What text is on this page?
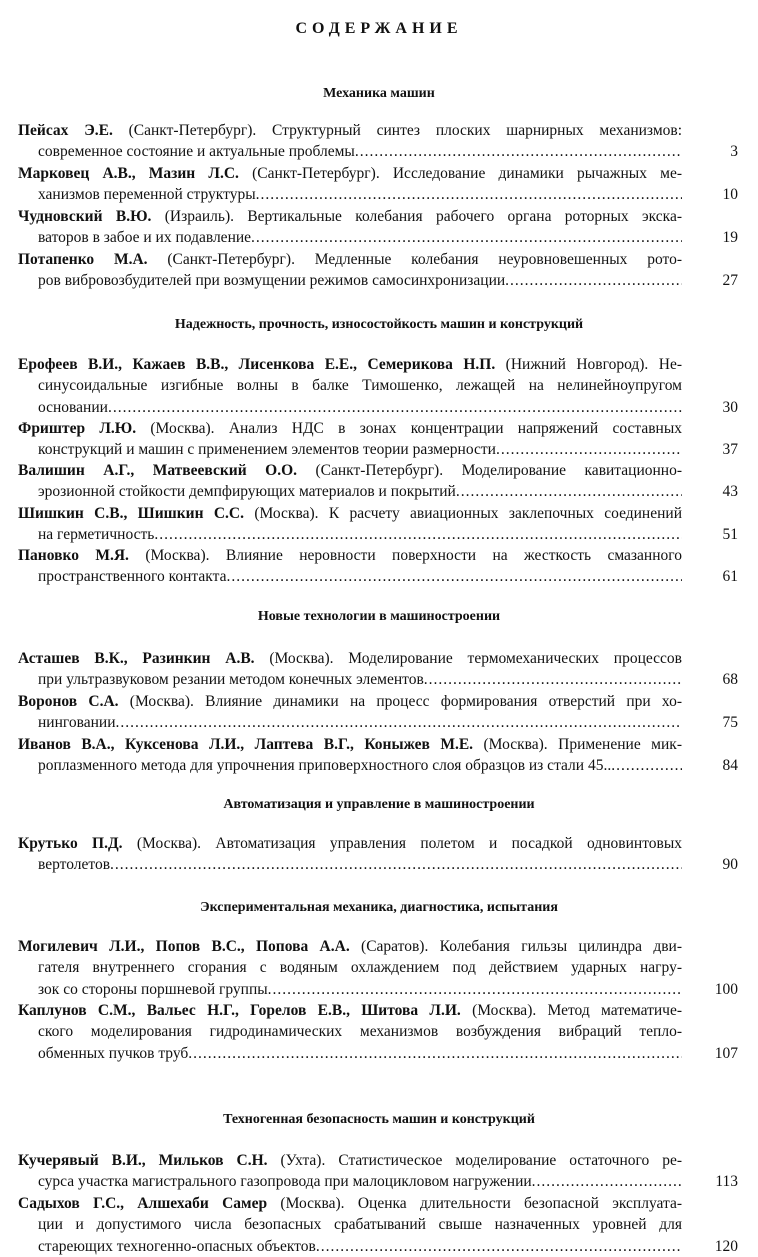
СОДЕРЖАНИЕ
Механика машин
Пейсах Э.Е. (Санкт-Петербург). Структурный синтез плоских шарнирных механизмов:
современное состояние и актуальные проблемы .....	3
Марковец А.В., Мазин Л.С. (Санкт-Петербург). Исследование динамики рычажных ме-
ханизмов переменной структуры .....	10
Чудновский В.Ю. (Израиль). Вертикальные колебания рабочего органа роторных экска-
ваторов в забое и их подавление .....	19
Потапенко М.А. (Санкт-Петербург). Медленные колебания неуровновешенных рото-
ров вибровозбудителей при возмущении режимов самосинхронизации .....	27
Надежность, прочность, износостойкость машин и конструкций
Ерофеев В.И., Кажаев В.В., Лисенкова Е.Е., Семерикова Н.П. (Нижний Новгород). Не-
синусоидальные изгибные волны в балке Тимошенко, лежащей на нелинейноупругом
основании .....	30
Фриштер Л.Ю. (Москва). Анализ НДС в зонах концентрации напряжений составных
конструкций и машин с применением элементов теории размерности .....	37
Валишин А.Г., Матвеевский О.О. (Санкт-Петербург). Моделирование кавитационно-
эрозионной стойкости демпфирующих материалов и покрытий .....	43
Шишкин С.В., Шишкин С.С. (Москва). К расчету авиационных заклепочных соединений
на герметичность .....	51
Пановко М.Я. (Москва). Влияние неровности поверхности на жесткость смазанного
пространственного контакта .....	61
Новые технологии в машиностроении
Асташев В.К., Разинкин А.В. (Москва). Моделирование термомеханических процессов
при ультразвуковом резании методом конечных элементов .....	68
Воронов С.А. (Москва). Влияние динамики на процесс формирования отверстий при хо-
нинговании .....	75
Иванов В.А., Куксенова Л.И., Лаптева В.Г., Коныжев М.Е. (Москва). Применение мик-
роплазменного метода для упрочнения приповерхностного слоя образцов из стали 45.. .....	84
Автоматизация и управление в машиностроении
Крутько П.Д. (Москва). Автоматизация управления полетом и посадкой одновинтовых
вертолетов .....	90
Экспериментальная механика, диагностика, испытания
Могилевич Л.И., Попов В.С., Попова А.А. (Саратов). Колебания гильзы цилиндра дви-
гателя внутреннего сгорания с водяным охлаждением под действием ударных нагру-
зок со стороны поршневой группы .....	100
Каплунов С.М., Вальес Н.Г., Горелов Е.В., Шитова Л.И. (Москва). Метод математиче-
ского моделирования гидродинамических механизмов возбуждения вибраций тепло-
обменных пучков труб .....	107
Техногенная безопасность машин и конструкций
Кучерявый В.И., Мильков С.Н. (Ухта). Статистическое моделирование остаточного ре-
сурса участка магистрального газопровода при малоцикловом нагружении .....	113
Садыхов Г.С., Алшехаби Самер (Москва). Оценка длительности безопасной эксплуата-
ции и допустимого числа безопасных срабатываний свыше назначенных уровней для
стареющих техногенно-опасных объектов .....	120
